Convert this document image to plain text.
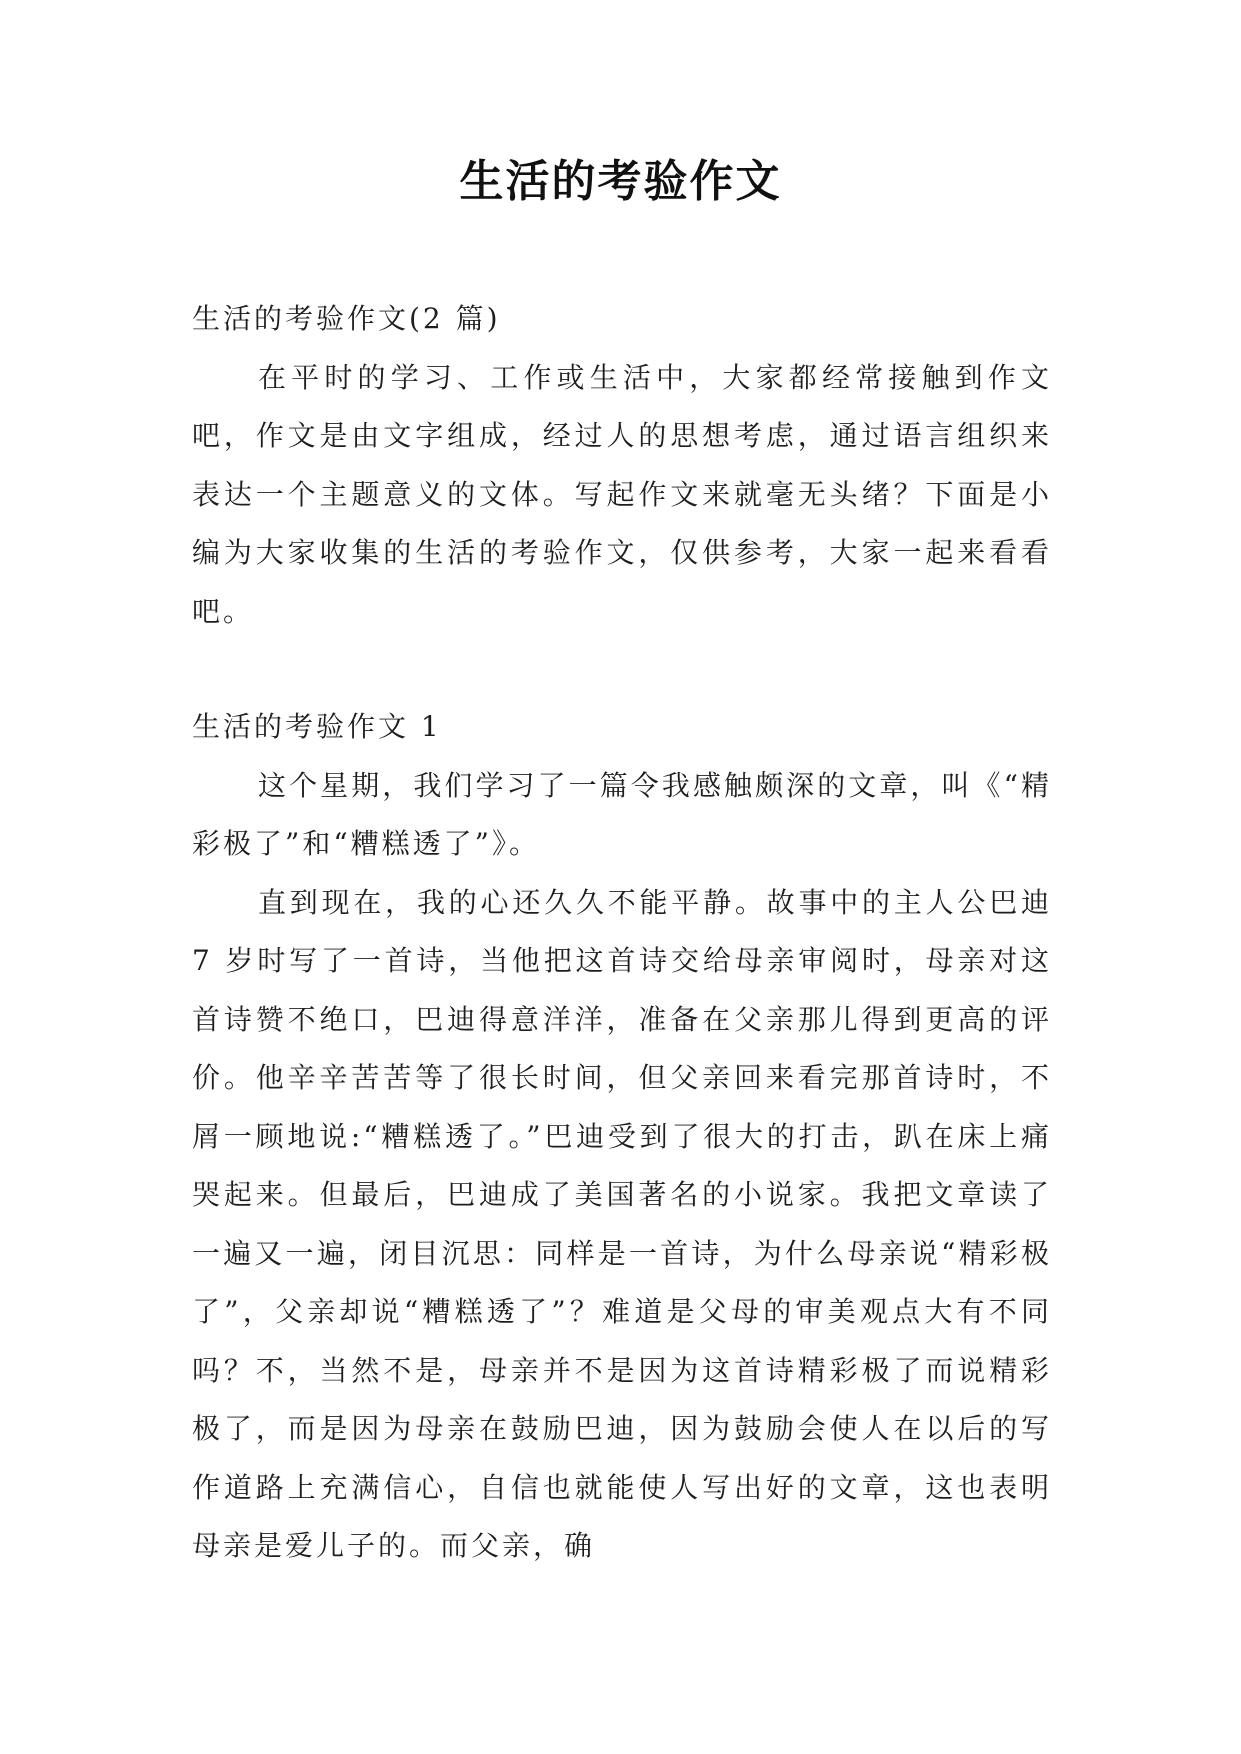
生活的考验作文

生活的考验作文(2 篇)

在平时的学习、工作或生活中，大家都经常接触到作文吧，作文是由文字组成，经过人的思想考虑，通过语言组织来表达一个主题意义的文体。写起作文来就毫无头绪？下面是小编为大家收集的生活的考验作文，仅供参考，大家一起来看看吧。

生活的考验作文 1

这个星期，我们学习了一篇令我感触颇深的文章，叫《“精彩极了”和“糟糕透了”》。

直到现在，我的心还久久不能平静。故事中的主人公巴迪 7 岁时写了一首诗，当他把这首诗交给母亲审阅时，母亲对这首诗赞不绝口，巴迪得意洋洋，准备在父亲那儿得到更高的评价。他辛辛苦苦等了很长时间，但父亲回来看完那首诗时，不屑一顾地说:“糟糕透了。”巴迪受到了很大的打击，趴在床上痛哭起来。但最后，巴迪成了美国著名的小说家。我把文章读了一遍又一遍，闭目沉思：同样是一首诗，为什么母亲说“精彩极了”，父亲却说“糟糕透了”？难道是父母的审美观点大有不同吗？不，当然不是，母亲并不是因为这首诗精彩极了而说精彩极了，而是因为母亲在鼓励巴迪，因为鼓励会使人在以后的写作道路上充满信心，自信也就能使人写出好的文章，这也表明母亲是爱儿子的。而父亲，确
